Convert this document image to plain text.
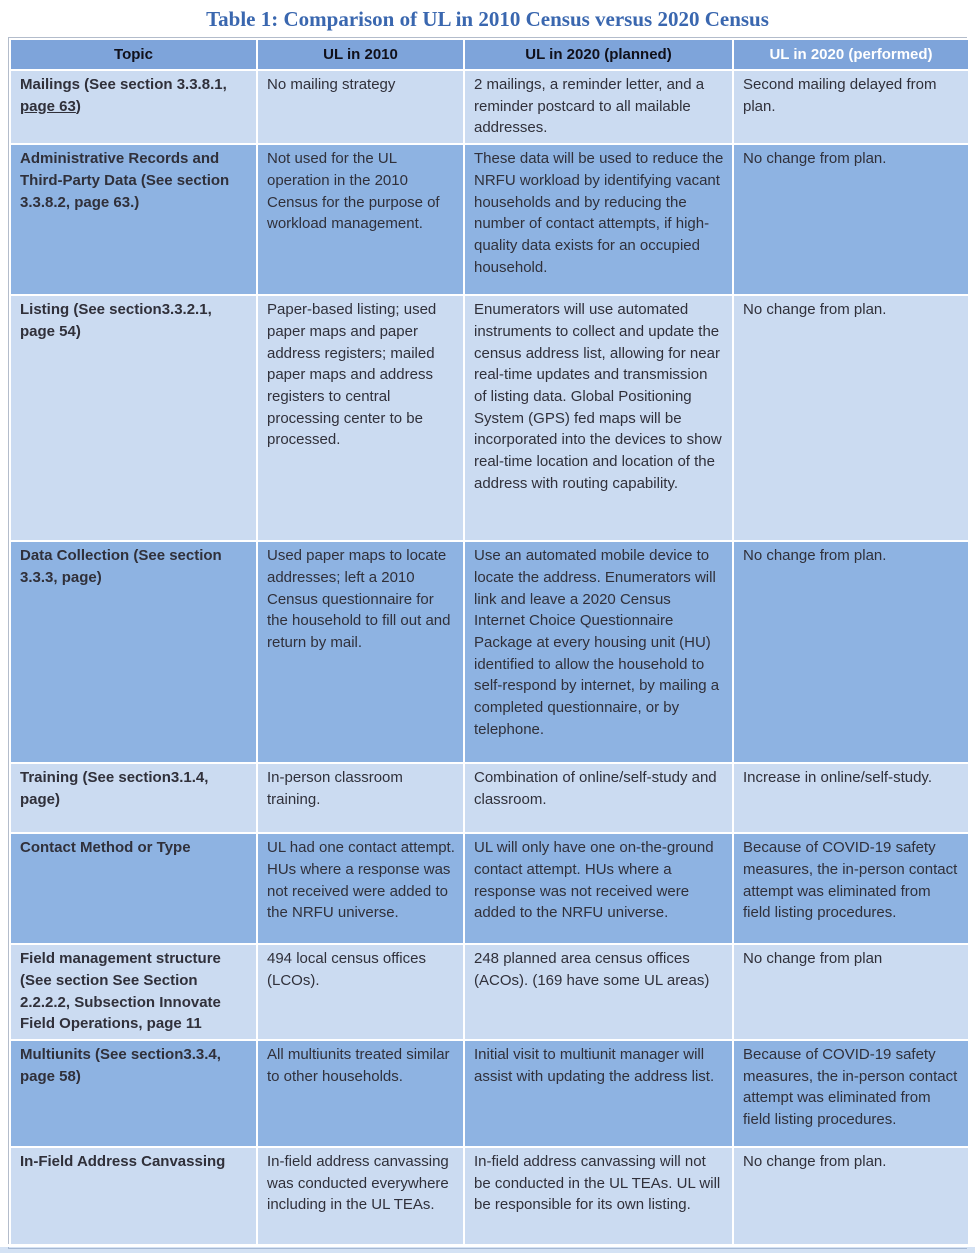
Table 1: Comparison of UL in 2010 Census versus 2020 Census
Topic	UL in 2010	UL in 2020 (planned)	UL in 2020 (performed)
Mailings (See section 3.3.8.1, page 63)	No mailing strategy	2 mailings, a reminder letter, and a reminder postcard to all mailable addresses.	Second mailing delayed from plan.
Administrative Records and Third-Party Data (See section 3.3.8.2, page 63.)	Not used for the UL operation in the 2010 Census for the purpose of workload management.	These data will be used to reduce the NRFU workload by identifying vacant households and by reducing the number of contact attempts, if high-quality data exists for an occupied household.	No change from plan.
Listing (See section3.3.2.1, page 54)	Paper-based listing; used paper maps and paper address registers; mailed paper maps and address registers to central processing center to be processed.	Enumerators will use automated instruments to collect and update the census address list, allowing for near real-time updates and transmission of listing data. Global Positioning System (GPS) fed maps will be incorporated into the devices to show real-time location and location of the address with routing capability.	No change from plan.
Data Collection (See section 3.3.3, page)	Used paper maps to locate addresses; left a 2010 Census questionnaire for the household to fill out and return by mail.	Use an automated mobile device to locate the address. Enumerators will link and leave a 2020 Census Internet Choice Questionnaire Package at every housing unit (HU) identified to allow the household to self-respond by internet, by mailing a completed questionnaire, or by telephone.	No change from plan.
Training (See section3.1.4, page)	In-person classroom training.	Combination of online/self-study and classroom.	Increase in online/self-study.
Contact Method or Type	UL had one contact attempt. HUs where a response was not received were added to the NRFU universe.	UL will only have one on-the-ground contact attempt. HUs where a response was not received were added to the NRFU universe.	Because of COVID-19 safety measures, the in-person contact attempt was eliminated from field listing procedures.
Field management structure (See section See Section 2.2.2.2, Subsection Innovate Field Operations, page 11	494 local census offices (LCOs).	248 planned area census offices (ACOs). (169 have some UL areas)	No change from plan
Multiunits (See section3.3.4, page 58)	All multiunits treated similar to other households.	Initial visit to multiunit manager will assist with updating the address list.	Because of COVID-19 safety measures, the in-person contact attempt was eliminated from field listing procedures.
In-Field Address Canvassing	In-field address canvassing was conducted everywhere including in the UL TEAs.	In-field address canvassing will not be conducted in the UL TEAs. UL will be responsible for its own listing.	No change from plan.
